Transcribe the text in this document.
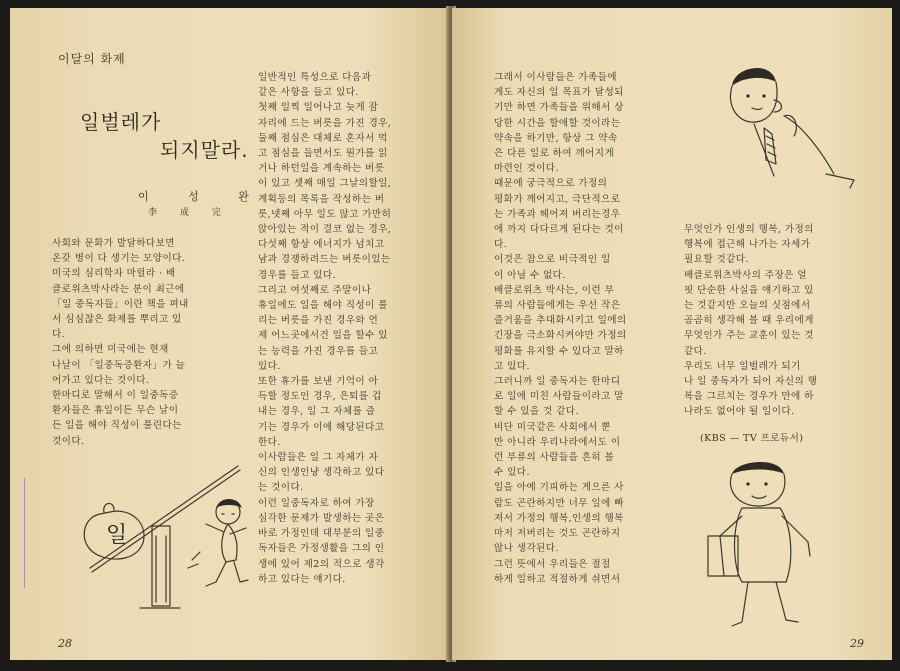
이달의 화제
일벌레가
되지말라.
이 성 완
李 成 完
사회와 문화가 발달하다보면
온갖 병이 다 생기는 모양이다.
미국의 심리학자 마릴라 · 배
클로위츠박사라는 분이 최근에
「일 중독자들」이란 책을 펴내
서 심심찮은 화제를 뿌리고 있
다.
그에 의하면 미국에는 현재
나날이 「일중독증환자」가 늘
어가고 있다는 것이다.
한마디로 말해서 이 일중독증
환자들은 휴일이든 무슨 날이
든 일을 해야 직성이 풀린다는
것이다.
일반적인 특성으로 다음과
같은 사항을 들고 있다.
첫째 일찍 일어나고 늦게 잠
자리에 드는 버릇을 가진 경우,
둘째 점심은 대체로 혼자서 먹
고 점심을 들면서도 뭔가를 읽
거나 하던일을 계속하는 버릇
이 있고 셋째 매일 그날의할일,
계획등의 목록을 작성하는 버
릇,넷째 아무 일도 않고 가만히
앉아있는 적이 결코 없는 경우,
다섯째 항상 에너지가 넘치고
남과 경쟁하려드는 버릇이있는
경우를 들고 있다.
그리고 여섯째로 주말이나
휴일에도 일을 해야 직성이 풀
리는 버릇을 가진 경우와 언
제 어느곳에서건 일을 할수 있
는 능력을 가진 경우를 들고
있다.
또한 휴가를 보낸 기억이 아
득할 정도인 경우, 은퇴를 겁
내는 경우, 일 그 자체를 즐
기는 경우가 이에 해당된다고
한다.
이사람들은 일 그 자체가 자
신의 인생인냥 생각하고 있다
는 것이다.
이런 일중독자로 하여 가장
심각한 문제가 발생하는 곳은
바로 가정인데 대부분의 일중
독자들은 가정생활을 그의 인
생에 있어 제2의 적으로 생각
하고 있다는 얘기다.
일
28
그래서 이사람들은 가족들에
게도 자신의 일 목표가 달성되
기만 하면 가족들을 위해서 상
당한 시간을 할애할 것이라는
약속을 하기만, 항상 그 약속
은 다른 일로 하여 깨어지게
마련인 것이다.
때문에 궁극적으로 가정의
평화가 깨어지고, 극단적으로
는 가족과 헤어져 버리는경우
에 까지 다다르게 된다는 것이
다.
이것은 참으로 비극적인 일
이 아닐 수 없다.
배클로위츠 박사는, 이런 부
류의 사람들에게는 우선 작은
즐거움을 추대화시키고 일에의
긴장을 극소화시켜야만 가정의
평화를 유지할 수 있다고 말하
고 있다.
그러니까 일 중독자는 한마디
로 일에 미친 사람들이라고 말
할 수 있을 것 같다.
비단 미국같은 사회에서 뿐
만 아니라 우리나라에서도 이
런 부류의 사람들을 흔히 볼
수 있다.
일을 아예 기피하는 게으른 사
람도 곤란하지만 너무 일에 빠
져서 가정의 행복,인생의 행복
마저 저버리는 것도 곤란하지
않나 생각된다.
그런 뜻에서 우리들은 절절
하게 일하고 적절하게 쉬면서
무엇인가 인생의 행복, 가정의
행복에 접근해 나가는 자세가
필요할 것같다.
배클로위츠박사의 주장은 얼
핏 단순한 사실을 얘기하고 있
는 것같지만 오늘의 싯점에서
곰곰히 생각해 볼 때 우리에게
무엇인가 주는 교훈이 있는 것
같다.
우리도 너무 일벌레가 되기
나 일 중독자가 되어 자신의 행
복을 그르치는 경우가 만에 하
나라도 없어야 될 일이다.
(KBS — TV 프로듀서)
29
